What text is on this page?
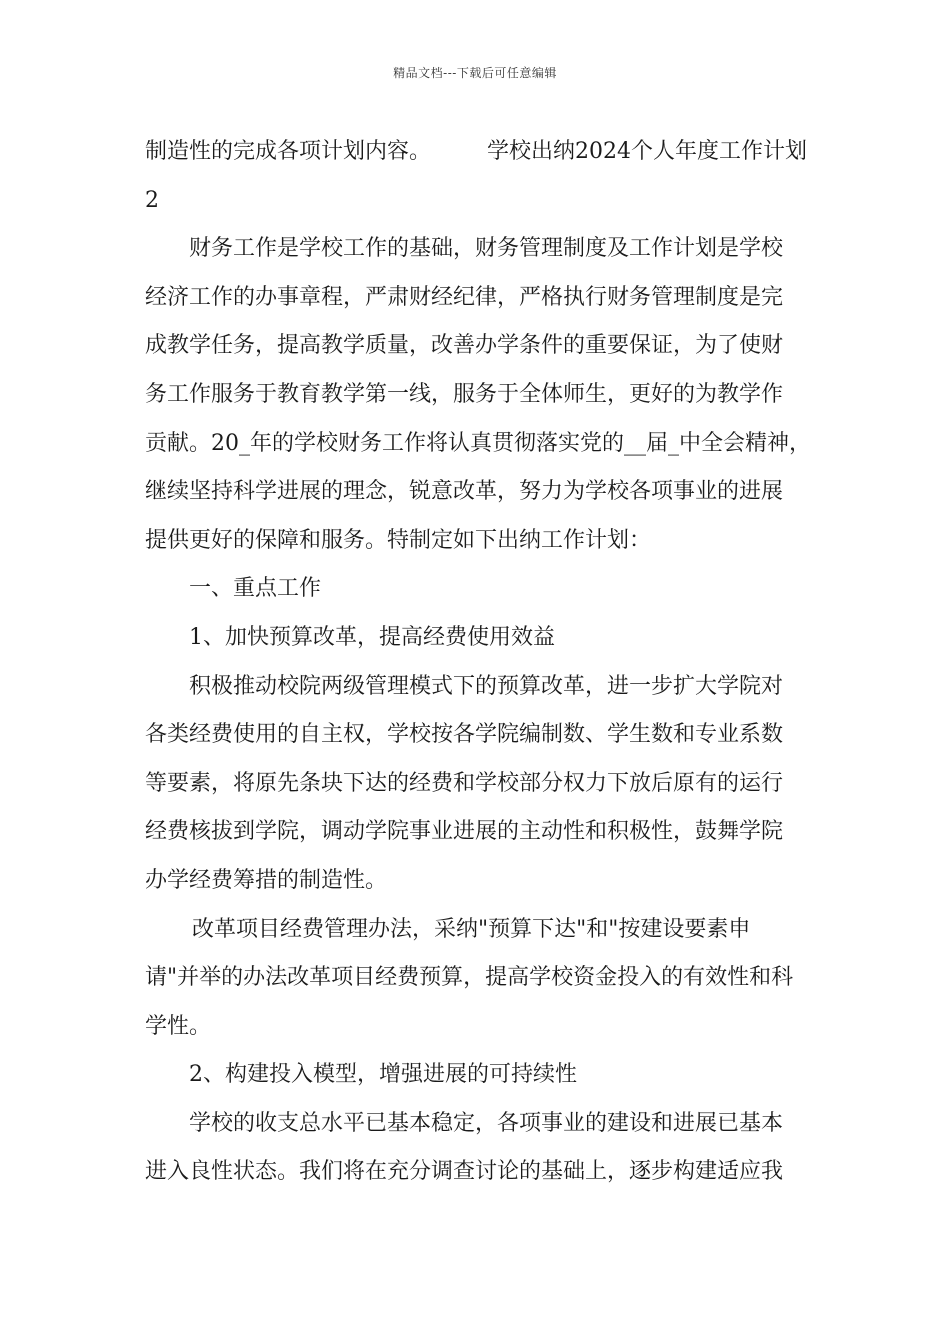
精品文档---下载后可任意编辑
制造性的完成各项计划内容。	学校出纳2024个人年度工作计划
2
财务工作是学校工作的基础，财务管理制度及工作计划是学校
经济工作的办事章程，严肃财经纪律，严格执行财务管理制度是完
成教学任务，提高教学质量，改善办学条件的重要保证，为了使财
务工作服务于教育教学第一线，服务于全体师生，更好的为教学作
贡献。20_年的学校财务工作将认真贯彻落实党的__届_中全会精神，
继续坚持科学进展的理念，锐意改革，努力为学校各项事业的进展
提供更好的保障和服务。特制定如下出纳工作计划：
一、重点工作
1、加快预算改革，提高经费使用效益
积极推动校院两级管理模式下的预算改革，进一步扩大学院对
各类经费使用的自主权，学校按各学院编制数、学生数和专业系数
等要素，将原先条块下达的经费和学校部分权力下放后原有的运行
经费核拔到学院，调动学院事业进展的主动性和积极性，鼓舞学院
办学经费筹措的制造性。
改革项目经费管理办法，采纳"预算下达"和"按建设要素申
请"并举的办法改革项目经费预算，提高学校资金投入的有效性和科
学性。
2、构建投入模型，增强进展的可持续性
学校的收支总水平已基本稳定，各项事业的建设和进展已基本
进入良性状态。我们将在充分调查讨论的基础上，逐步构建适应我
